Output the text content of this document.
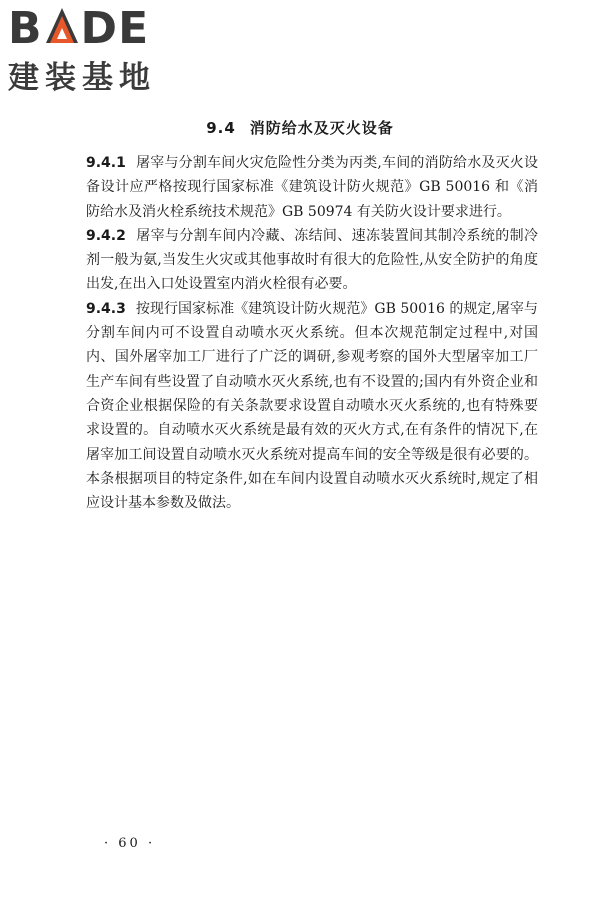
B DE
建装基地
9.4 消防给水及灭火设备

9.4.1 屠宰与分割车间火灾危险性分类为丙类,车间的消防给水及灭火设备设计应严格按现行国家标准《建筑设计防火规范》GB 50016 和《消防给水及消火栓系统技术规范》GB 50974 有关防火设计要求进行。

9.4.2 屠宰与分割车间内冷藏、冻结间、速冻装置间其制冷系统的制冷剂一般为氨,当发生火灾或其他事故时有很大的危险性,从安全防护的角度出发,在出入口处设置室内消火栓很有必要。

9.4.3 按现行国家标准《建筑设计防火规范》GB 50016 的规定,屠宰与分割车间内可不设置自动喷水灭火系统。但本次规范制定过程中,对国内、国外屠宰加工厂进行了广泛的调研,参观考察的国外大型屠宰加工厂生产车间有些设置了自动喷水灭火系统,也有不设置的;国内有外资企业和合资企业根据保险的有关条款要求设置自动喷水灭火系统的,也有特殊要求设置的。自动喷水灭火系统是最有效的灭火方式,在有条件的情况下,在屠宰加工间设置自动喷水灭火系统对提高车间的安全等级是很有必要的。本条根据项目的特定条件,如在车间内设置自动喷水灭火系统时,规定了相应设计基本参数及做法。

· 60 ·
